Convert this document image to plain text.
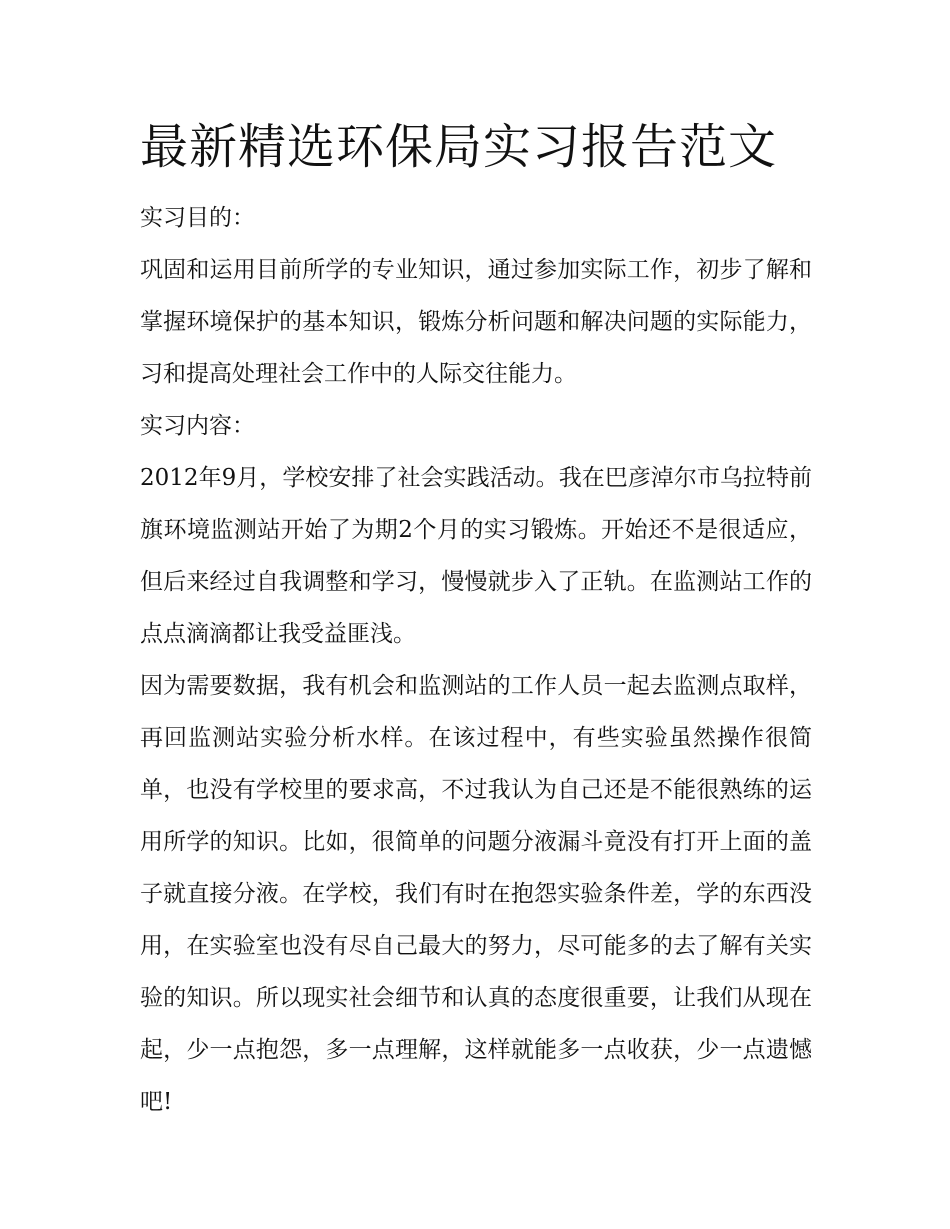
最新精选环保局实习报告范文
实习目的：

巩固和运用目前所学的专业知识，通过参加实际工作，初步了解和掌握环境保护的基本知识，锻炼分析问题和解决问题的实际能力，习和提高处理社会工作中的人际交往能力。

实习内容：

2012年9月，学校安排了社会实践活动。我在巴彦淖尔市乌拉特前旗环境监测站开始了为期2个月的实习锻炼。开始还不是很适应，但后来经过自我调整和学习，慢慢就步入了正轨。在监测站工作的点点滴滴都让我受益匪浅。

因为需要数据，我有机会和监测站的工作人员一起去监测点取样，再回监测站实验分析水样。在该过程中，有些实验虽然操作很简单，也没有学校里的要求高，不过我认为自己还是不能很熟练的运用所学的知识。比如，很简单的问题分液漏斗竟没有打开上面的盖子就直接分液。在学校，我们有时在抱怨实验条件差，学的东西没用，在实验室也没有尽自己最大的努力，尽可能多的去了解有关实验的知识。所以现实社会细节和认真的态度很重要，让我们从现在起，少一点抱怨，多一点理解，这样就能多一点收获，少一点遗憾吧!
